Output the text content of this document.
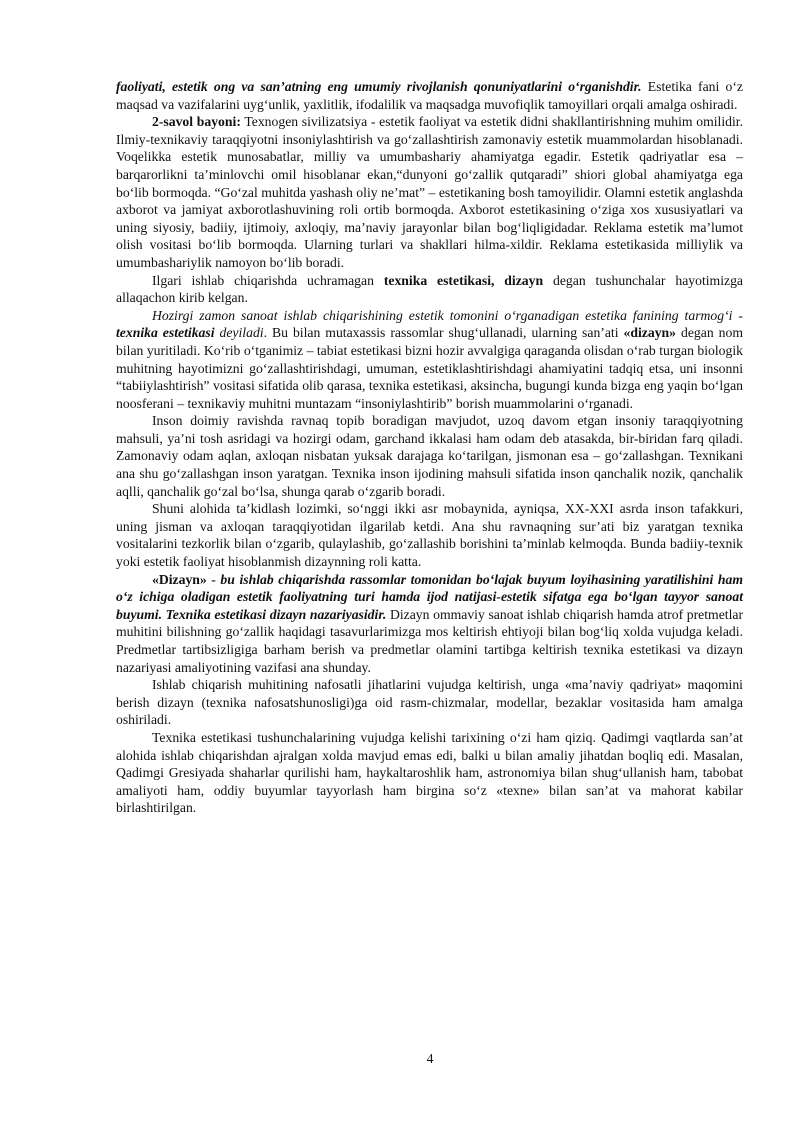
faoliyati, estetik ong va san’atning eng umumiy rivojlanish qonuniyatlarini o‘rganishdir. Estetika fani o‘z maqsad va vazifalarini uyg‘unlik, yaxlitlik, ifodalilik va maqsadga muvofiqlik tamoyillari orqali amalga oshiradi.

2-savol bayoni: Texnogen sivilizatsiya - estetik faoliyat va estetik didni shakllantirishning muhim omilidir. Ilmiy-texnikaviy taraqqiyotni insoniylashtirish va go‘zallashtirish zamonaviy estetik muammolardan hisoblanadi. Voqelikka estetik munosabatlar, milliy va umumbashariy ahamiyatga egadir. Estetik qadriyatlar esa – barqarorlikni ta’minlovchi omil hisoblanar ekan,“dunyoni go‘zallik qutqaradi” shiori global ahamiyatga ega bo‘lib bormoqda. “Go‘zal muhitda yashash oliy ne’mat” – estetikaning bosh tamoyilidir. Olamni estetik anglashda axborot va jamiyat axborotlashuvining roli ortib bormoqda. Axborot estetikasining o‘ziga xos xususiyatlari va uning siyosiy, badiiy, ijtimoiy, axloqiy, ma’naviy jarayonlar bilan bog‘liqligidadar. Reklama estetik ma’lumot olish vositasi bo‘lib bormoqda. Ularning turlari va shakllari hilma-xildir. Reklama estetikasida milliylik va umumbashariylik namoyon bo‘lib boradi.

Ilgari ishlab chiqarishda uchramagan texnika estetikasi, dizayn degan tushunchalar hayotimizga allaqachon kirib kelgan.

Hozirgi zamon sanoat ishlab chiqarishining estetik tomonini o‘rganadigan estetika fanining tarmog‘i - texnika estetikasi deyiladi. Bu bilan mutaxassis rassomlar shug‘ullanadi, ularning san’ati «dizayn» degan nom bilan yuritiladi. Ko‘rib o‘tganimiz – tabiat estetikasi bizni hozir avvalgiga qaraganda olisdan o‘rab turgan biologik muhitning hayotimizni go‘zallashtirishdagi, umuman, estetiklashtirishdagi ahamiyatini tadqiq etsa, uni insonni “tabiiylashtirish” vositasi sifatida olib qarasa, texnika estetikasi, aksincha, bugungi kunda bizga eng yaqin bo‘lgan noosferani – texnikaviy muhitni muntazam “insoniylashtirib” borish muammolarini o‘rganadi.

Inson doimiy ravishda ravnaq topib boradigan mavjudot, uzoq davom etgan insoniy taraqqiyotning mahsuli, ya’ni tosh asridagi va hozirgi odam, garchand ikkalasi ham odam deb atasakda, bir-biridan farq qiladi. Zamonaviy odam aqlan, axloqan nisbatan yuksak darajaga ko‘tarilgan, jismonan esa – go‘zallashgan. Texnikani ana shu go‘zallashgan inson yaratgan. Texnika inson ijodining mahsuli sifatida inson qanchalik nozik, qanchalik aqlli, qanchalik go‘zal bo‘lsa, shunga qarab o‘zgarib boradi.

Shuni alohida ta’kidlash lozimki, so‘nggi ikki asr mobaynida, ayniqsa, XX-XXI asrda inson tafakkuri, uning jisman va axloqan taraqqiyotidan ilgarilab ketdi. Ana shu ravnaqning sur’ati biz yaratgan texnika vositalarini tezkorlik bilan o‘zgarib, qulaylashib, go‘zallashib borishini ta’minlab kelmoqda. Bunda badiiy-texnik yoki estetik faoliyat hisoblanmish dizaynning roli katta.

«Dizayn» - bu ishlab chiqarishda rassomlar tomonidan bo‘lajak buyum loyihasining yaratilishini ham o‘z ichiga oladigan estetik faoliyatning turi hamda ijod natijasi-estetik sifatga ega bo‘lgan tayyor sanoat buyumi. Texnika estetikasi dizayn nazariyasidir. Dizayn ommaviy sanoat ishlab chiqarish hamda atrof pretmetlar muhitini bilishning go‘zallik haqidagi tasavurlarimizga mos keltirish ehtiyoji bilan bog‘liq xolda vujudga keladi. Predmetlar tartibsizligiga barham berish va predmetlar olamini tartibga keltirish texnika estetikasi va dizayn nazariyasi amaliyotining vazifasi ana shunday.

Ishlab chiqarish muhitining nafosatli jihatlarini vujudga keltirish, unga «ma’naviy qadriyat» maqomini berish dizayn (texnika nafosatshunosligi)ga oid rasm-chizmalar, modellar, bezaklar vositasida ham amalga oshiriladi.

Texnika estetikasi tushunchalarining vujudga kelishi tarixining o‘zi ham qiziq. Qadimgi vaqtlarda san’at alohida ishlab chiqarishdan ajralgan xolda mavjud emas edi, balki u bilan amaliy jihatdan boqliq edi. Masalan, Qadimgi Gresiyada shaharlar qurilishi ham, haykaltaroshlik ham, astronomiya bilan shug‘ullanish ham, tabobat amaliyoti ham, oddiy buyumlar tayyorlash ham birgina so‘z «texne» bilan san’at va mahorat kabilar birlashtirilgan.

4
